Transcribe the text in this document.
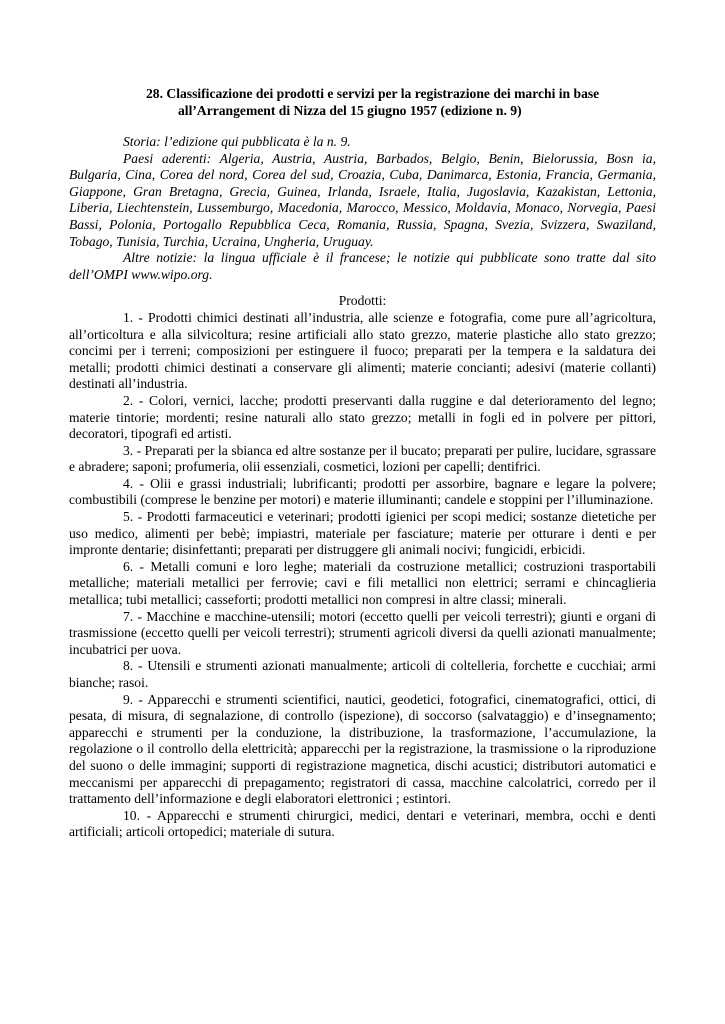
28. Classificazione dei prodotti e servizi per la registrazione dei marchi in base
all’Arrangement di Nizza del 15 giugno 1957 (edizione n. 9)

Storia: l’edizione qui pubblicata è la n. 9.

Paesi aderenti: Algeria, Austria, Austria, Barbados, Belgio, Benin, Bielorussia, Bosn ia, Bulgaria, Cina, Corea del nord, Corea del sud, Croazia, Cuba, Danimarca, Estonia, Francia, Germania, Giappone, Gran Bretagna, Grecia, Guinea, Irlanda, Israele, Italia, Jugoslavia, Kazakistan, Lettonia, Liberia, Liechtenstein, Lussemburgo, Macedonia, Marocco, Messico, Moldavia, Monaco, Norvegia, Paesi Bassi, Polonia, Portogallo Repubblica Ceca, Romania, Russia, Spagna, Svezia, Svizzera, Swaziland, Tobago, Tunisia, Turchia, Ucraina, Ungheria, Uruguay.

Altre notizie: la lingua ufficiale è il francese; le notizie qui pubblicate sono tratte dal sito dell’OMPI www.wipo.org.

Prodotti:

1. - Prodotti chimici destinati all’industria, alle scienze e fotografia, come pure all’agricoltura, all’orticoltura e alla silvicoltura; resine artificiali allo stato grezzo, materie plastiche allo stato grezzo; concimi per i terreni; composizioni per estinguere il fuoco; preparati per la tempera e la saldatura dei metalli; prodotti chimici destinati a conservare gli alimenti; materie concianti; adesivi (materie collanti) destinati all’industria.

2. - Colori, vernici, lacche; prodotti preservanti dalla ruggine e dal deterioramento del legno; materie tintorie; mordenti; resine naturali allo stato grezzo; metalli in fogli ed in polvere per pittori, decoratori, tipografi ed artisti.

3. - Preparati per la sbianca ed altre sostanze per il bucato; preparati per pulire, lucidare, sgrassare e abradere; saponi; profumeria, olii essenziali, cosmetici, lozioni per capelli; dentifrici.

4. - Olii e grassi industriali; lubrificanti; prodotti per assorbire, bagnare e legare la polvere; combustibili (comprese le benzine per motori) e materie illuminanti; candele e stoppini per l’illuminazione.

5. - Prodotti farmaceutici e veterinari; prodotti igienici per scopi medici; sostanze dietetiche per uso medico, alimenti per bebè; impiastri, materiale per fasciature; materie per otturare i denti e per impronte dentarie; disinfettanti; preparati per distruggere gli animali nocivi; fungicidi, erbicidi.

6. - Metalli comuni e loro leghe; materiali da costruzione metallici; costruzioni trasportabili metalliche; materiali metallici per ferrovie; cavi e fili metallici non elettrici; serrami e chincaglieria metallica; tubi metallici; casseforti; prodotti metallici non compresi in altre classi; minerali.

7. - Macchine e macchine-utensili; motori (eccetto quelli per veicoli terrestri); giunti e organi di trasmissione (eccetto quelli per veicoli terrestri); strumenti agricoli diversi da quelli azionati manualmente; incubatrici per uova.

8. - Utensili e strumenti azionati manualmente; articoli di coltelleria, forchette e cucchiai; armi bianche; rasoi.

9. - Apparecchi e strumenti scientifici, nautici, geodetici, fotografici, cinematografici, ottici, di pesata, di misura, di segnalazione, di controllo (ispezione), di soccorso (salvataggio) e d’insegnamento; apparecchi e strumenti per la conduzione, la distribuzione, la trasformazione, l’accumulazione, la regolazione o il controllo della elettricità; apparecchi per la registrazione, la trasmissione o la riproduzione del suono o delle immagini; supporti di registrazione magnetica, dischi acustici; distributori automatici e meccanismi per apparecchi di prepagamento; registratori di cassa, macchine calcolatrici, corredo per il trattamento dell’informazione e degli elaboratori elettronici ; estintori.

10. - Apparecchi e strumenti chirurgici, medici, dentari e veterinari, membra, occhi e denti artificiali; articoli ortopedici; materiale di sutura.
